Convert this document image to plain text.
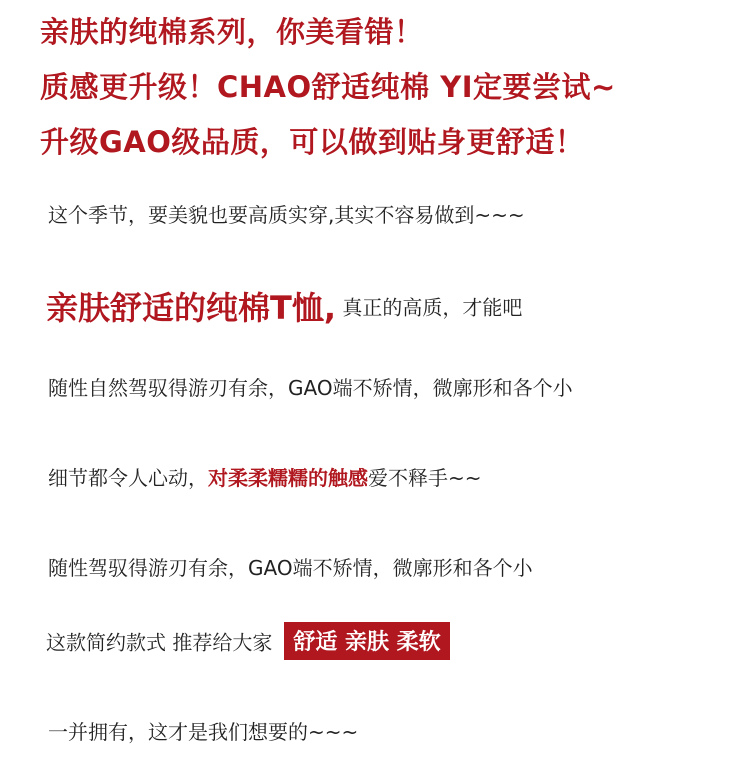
亲肤的纯棉系列，你美看错！
质感更升级！CHAO舒适纯棉 YI定要尝试~
升级GAO级品质，可以做到贴身更舒适！
这个季节，要美貌也要高质实穿,其实不容易做到~~~
亲肤舒适的纯棉T恤, 真正的高质，才能吧
随性自然驾驭得游刃有余，GAO端不矫情，微廓形和各个小
细节都令人心动，对柔柔糯糯的触感爱不释手~~
随性驾驭得游刃有余，GAO端不矫情，微廓形和各个小
这款简约款式 推荐给大家 舒适 亲肤 柔软
一并拥有，这才是我们想要的~~~
